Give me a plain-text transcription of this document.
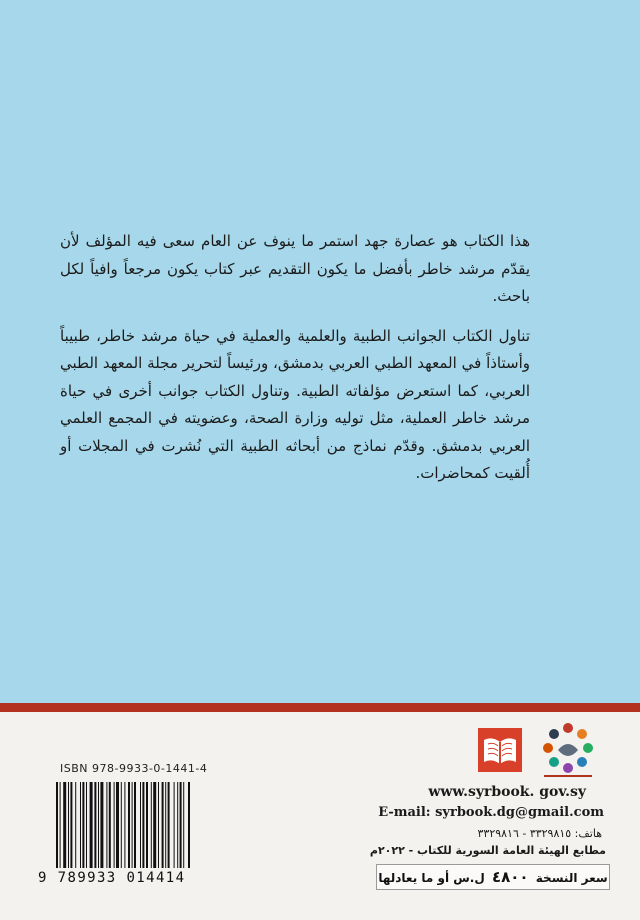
هذا الكتاب هو عصارة جهد استمر ما ينوف عن العام سعى فيه المؤلف لأن يقدّم مرشد خاطر بأفضل ما يكون التقديم عبر كتاب يكون مرجعاً وافياً لكل باحث.

تناول الكتاب الجوانب الطبية والعلمية والعملية في حياة مرشد خاطر، طبيباً وأستاذاً في المعهد الطبي العربي بدمشق، ورئيساً لتحرير مجلة المعهد الطبي العربي، كما استعرض مؤلفاته الطبية. وتناول الكتاب جوانب أخرى في حياة مرشد خاطر العملية، مثل توليه وزارة الصحة، وعضويته في المجمع العلمي العربي بدمشق. وقدّم نماذج من أبحاثه الطبية التي نُشرت في المجلات أو أُلقيت كمحاضرات.

ISBN 978-9933-0-1441-4
9 789933 014414
www.syrbook. gov.sy
E-mail: syrbook.dg@gmail.com
هاتف: ٣٣٢٩٨١٥ - ٣٣٢٩٨١٦
مطابع الهيئة العامة السورية للكتاب - ٢٠٢٢م
سعر النسخة ٤٨٠٠ ل.س أو ما يعادلها
